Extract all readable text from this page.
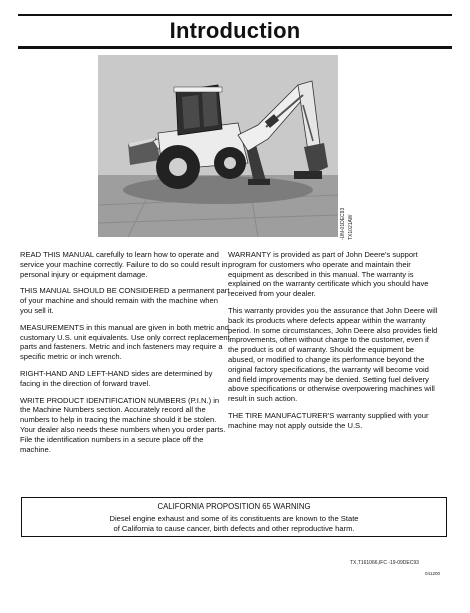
Introduction
-UN-01DEC93 TX1021AW

READ THIS MANUAL carefully to learn how to operate and service your machine correctly. Failure to do so could result in personal injury or equipment damage.

THIS MANUAL SHOULD BE CONSIDERED a permanent part of your machine and should remain with the machine when you sell it.

MEASUREMENTS in this manual are given in both metric and customary U.S. unit equivalents. Use only correct replacement parts and fasteners. Metric and inch fasteners may require a specific metric or inch wrench.

RIGHT-HAND AND LEFT-HAND sides are determined by facing in the direction of forward travel.

WRITE PRODUCT IDENTIFICATION NUMBERS (P.I.N.) in the Machine Numbers section. Accurately record all the numbers to help in tracing the machine should it be stolen. Your dealer also needs these numbers when you order parts. File the identification numbers in a secure place off the machine.

WARRANTY is provided as part of John Deere's support program for customers who operate and maintain their equipment as described in this manual. The warranty is explained on the warranty certificate which you should have received from your dealer.

This warranty provides you the assurance that John Deere will back its products where defects appear within the warranty period. In some circumstances, John Deere also provides field improvements, often without charge to the customer, even if the product is out of warranty. Should the equipment be abused, or modified to change its performance beyond the original factory specifications, the warranty will become void and field improvements may be denied. Setting fuel delivery above specifications or otherwise overpowering machines will result in such action.

THE TIRE MANUFACTURER'S warranty supplied with your machine may not apply outside the U.S.

CALIFORNIA PROPOSITION 65 WARNING
Diesel engine exhaust and some of its constituents are known to the State
of California to cause cancer, birth defects and other reproductive harm.
TX,T161066,IFC -19-09DEC93
041200
